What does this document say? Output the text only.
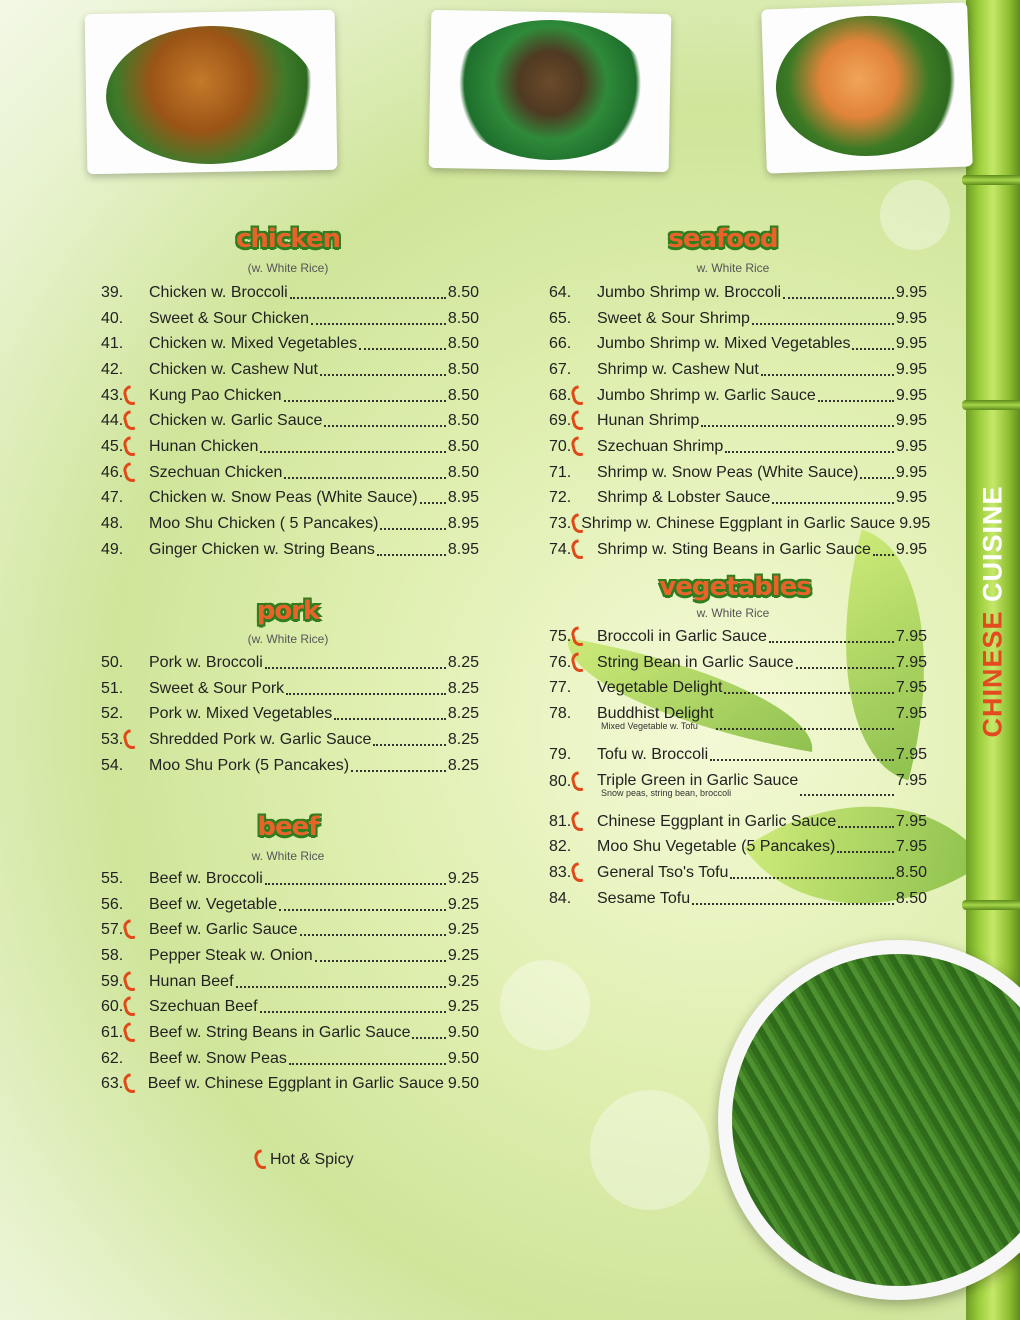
CHINESE CUISINE
chicken
(w. White Rice)
39. Chicken w. Broccoli	8.50
40. Sweet & Sour Chicken	8.50
41. Chicken w. Mixed Vegetables	8.50
42. Chicken w. Cashew Nut	8.50
43. Kung Pao Chicken	8.50
44. Chicken w. Garlic Sauce	8.50
45. Hunan Chicken	8.50
46. Szechuan Chicken	8.50
47. Chicken w. Snow Peas (White Sauce) 8.95
48. Moo Shu Chicken ( 5 Pancakes)	8.95
49. Ginger Chicken w. String Beans	8.95
pork
(w. White Rice)
50. Pork w. Broccoli	8.25
51. Sweet & Sour Pork	8.25
52. Pork w. Mixed Vegetables	8.25
53. Shredded Pork w. Garlic Sauce	8.25
54. Moo Shu Pork (5 Pancakes)	8.25
beef
w. White Rice
55. Beef w. Broccoli	9.25
56. Beef w. Vegetable	9.25
57. Beef w. Garlic Sauce	9.25
58. Pepper Steak w. Onion	9.25
59. Hunan Beef	9.25
60. Szechuan Beef	9.25
61. Beef w. String Beans in Garlic Sauce 9.50
62. Beef w. Snow Peas	9.50
63. Beef w. Chinese Eggplant in Garlic Sauce 9.50
seafood
w. White Rice
64. Jumbo Shrimp w. Broccoli	9.95
65. Sweet & Sour Shrimp	9.95
66. Jumbo Shrimp w. Mixed Vegetables	9.95
67. Shrimp w. Cashew Nut	9.95
68. Jumbo Shrimp w. Garlic Sauce	9.95
69. Hunan Shrimp	9.95
70. Szechuan Shrimp	9.95
71. Shrimp w. Snow Peas (White Sauce) 9.95
72. Shrimp & Lobster Sauce	9.95
73. Shrimp w. Chinese Eggplant in Garlic Sauce 9.95
74. Shrimp w. Sting Beans in Garlic Sauce 9.95
vegetables
w. White Rice
75. Broccoli in Garlic Sauce	7.95
76. String Bean in Garlic Sauce	7.95
77. Vegetable Delight	7.95
78. Buddhist Delight	7.95
Mixed Vegetable w. Tofu
79. Tofu w. Broccoli	7.95
80. Triple Green in Garlic Sauce	7.95
Snow peas, string bean, broccoli
81. Chinese Eggplant in Garlic Sauce	7.95
82. Moo Shu Vegetable (5 Pancakes)	7.95
83. General Tso's Tofu	8.50
84. Sesame Tofu	8.50
Hot & Spicy
